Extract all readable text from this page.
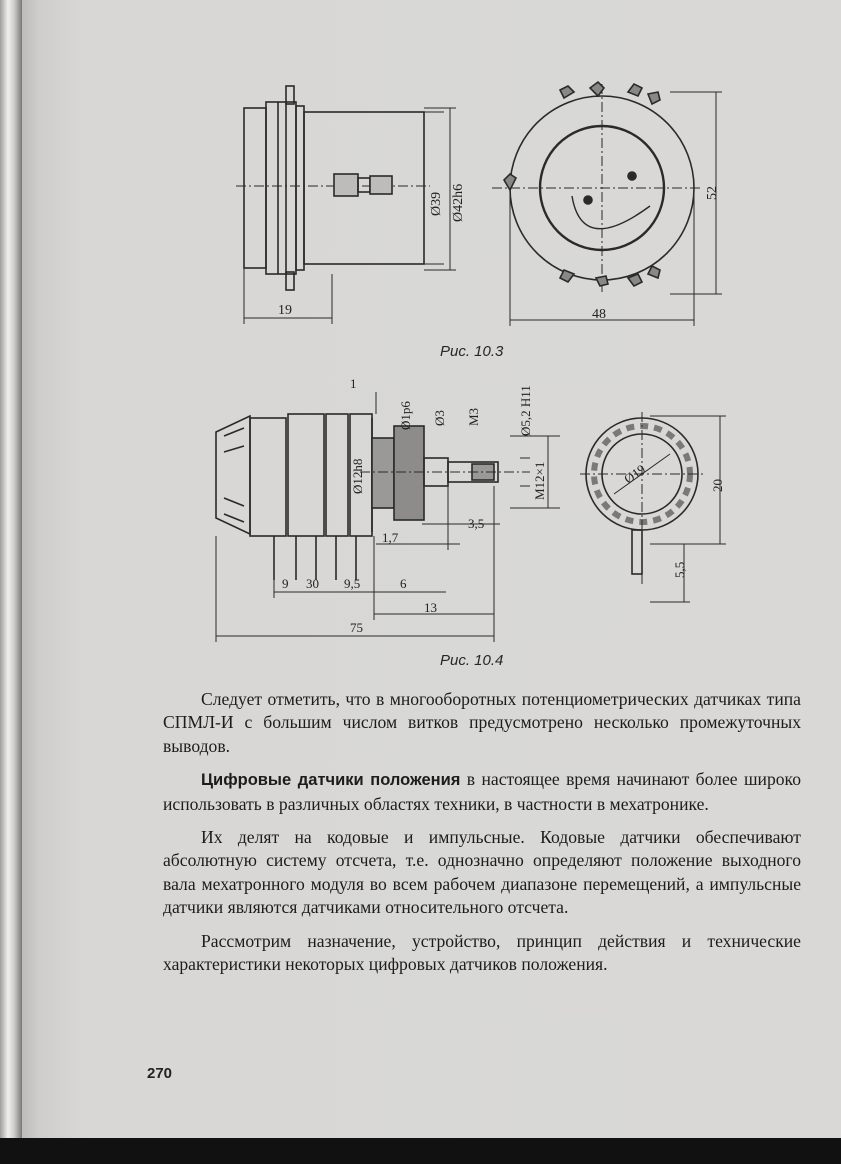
Ø39 Ø42h6
19	48
52
Рис. 10.3
1
Ø1p6 Ø3 M3	Ø5,2 H11
Ø12h8	M12×1
3,5
1,7
9 30 9,5	6
13
75
Ø19	20
5,5
Рис. 10.4

Следует отметить, что в многооборотных потенциометрических датчиках типа СПМЛ-И с большим числом витков предусмотрено несколько промежуточных выводов.

Цифровые датчики положения в настоящее время начинают более широко использовать в различных областях техники, в частности в мехатронике.

Их делят на кодовые и импульсные. Кодовые датчики обеспечивают абсолютную систему отсчета, т.е. однозначно определяют положение выходного вала мехатронного модуля во всем рабочем диапазоне перемещений, а импульсные датчики являются датчиками относительного отсчета.

Рассмотрим назначение, устройство, принцип действия и технические характеристики некоторых цифровых датчиков положения.

270
